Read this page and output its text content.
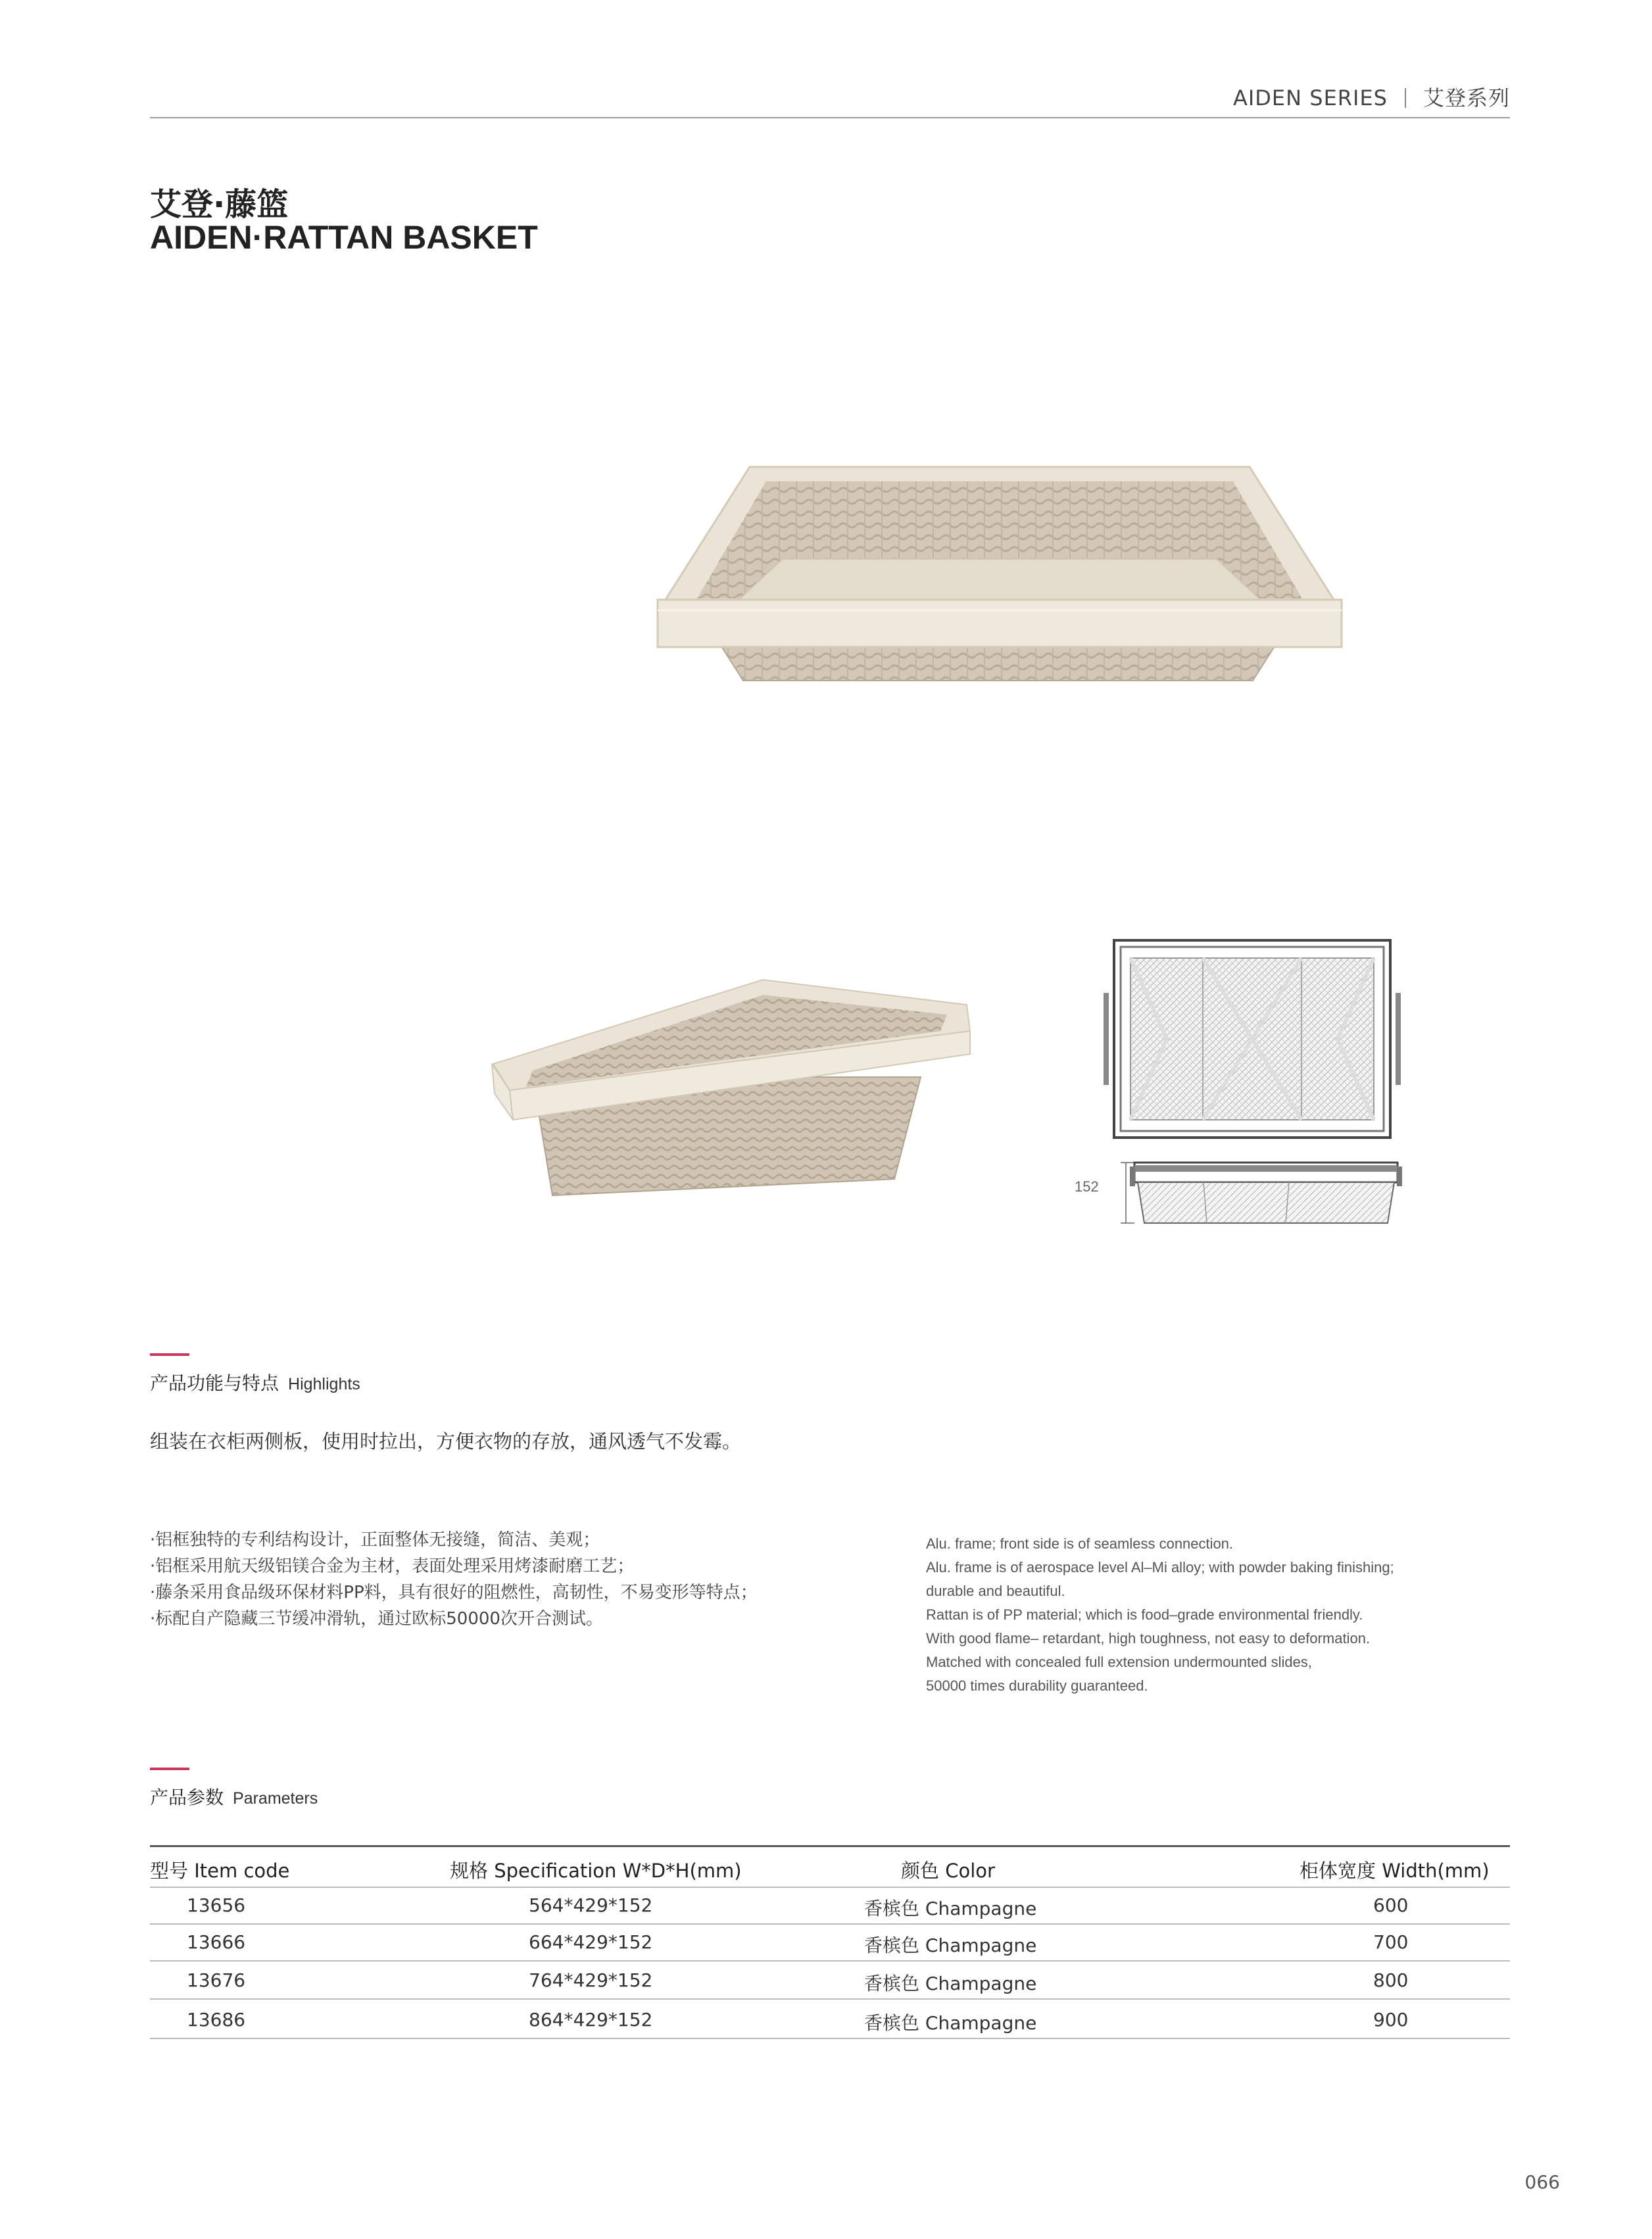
AIDEN SERIES 艾登系列
艾登·藤篮
AIDEN·RATTAN BASKET
152
产品功能与特点 Highlights
组装在衣柜两侧板，使用时拉出，方便衣物的存放，通风透气不发霉。
·铝框独特的专利结构设计，正面整体无接缝，简洁、美观；
·铝框采用航天级铝镁合金为主材，表面处理采用烤漆耐磨工艺；
·藤条采用食品级环保材料PP料，具有很好的阻燃性，高韧性，不易变形等特点；
·标配自产隐藏三节缓冲滑轨，通过欧标50000次开合测试。
Alu. frame; front side is of seamless connection.
Alu. frame is of aerospace level Al–Mi alloy; with powder baking finishing;
durable and beautiful.
Rattan is of PP material; which is food–grade environmental friendly.
With good flame– retardant, high toughness, not easy to deformation.
Matched with concealed full extension undermounted slides,
50000 times durability guaranteed.
产品参数 Parameters
型号 Item code	规格 Specification W*D*H(mm)	颜色 Color	柜体宽度 Width(mm)
13656	564*429*152	香槟色 Champagne	600
13666	664*429*152	香槟色 Champagne	700
13676	764*429*152	香槟色 Champagne	800
13686	864*429*152	香槟色 Champagne	900
066
